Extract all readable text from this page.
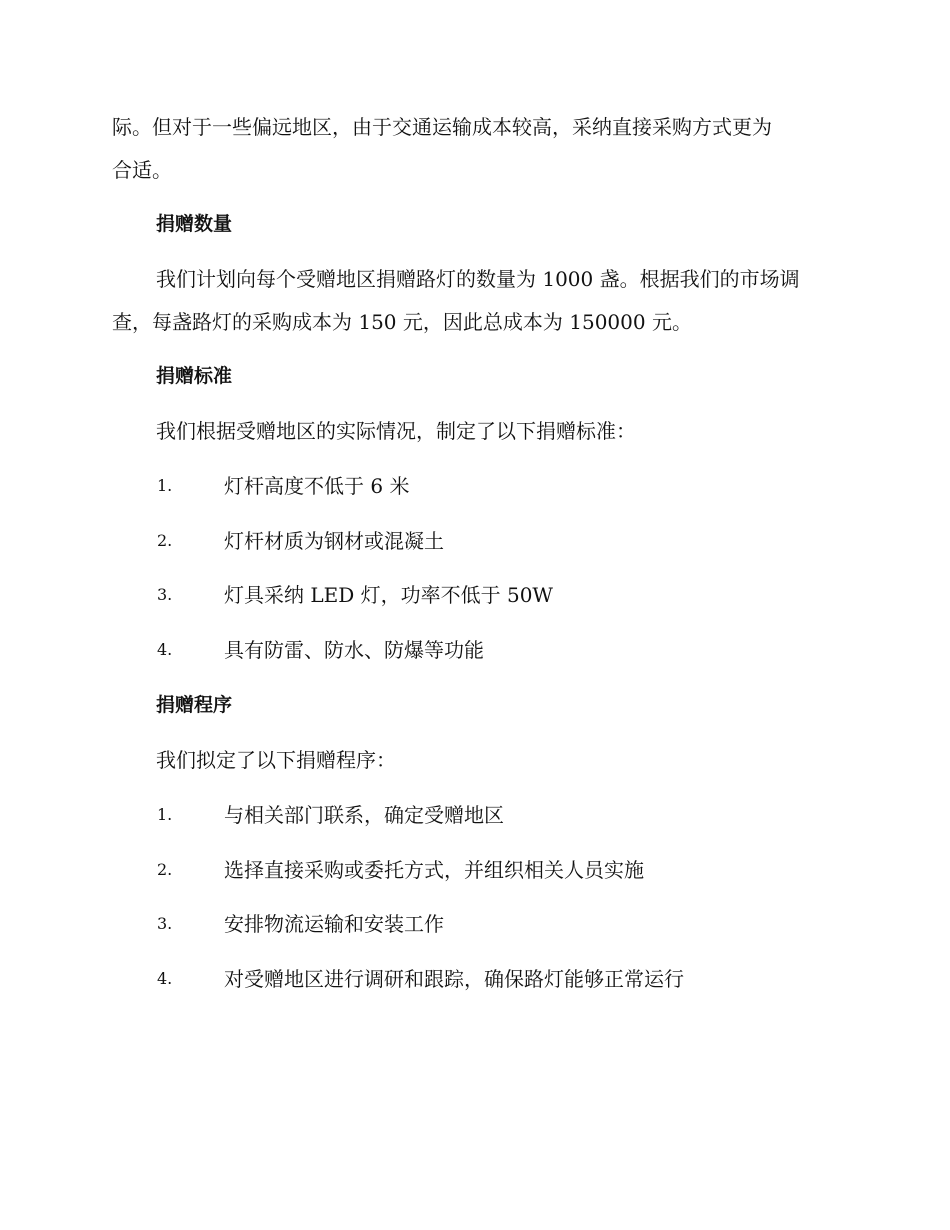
际。但对于一些偏远地区，由于交通运输成本较高，采纳直接采购方式更为
合适。
捐赠数量
我们计划向每个受赠地区捐赠路灯的数量为 1000 盏。根据我们的市场调
查，每盏路灯的采购成本为 150 元，因此总成本为 150000 元。
捐赠标准
我们根据受赠地区的实际情况，制定了以下捐赠标准：
1.	灯杆高度不低于 6 米
2.	灯杆材质为钢材或混凝土
3.	灯具采纳 LED 灯，功率不低于 50W
4.	具有防雷、防水、防爆等功能
捐赠程序
我们拟定了以下捐赠程序：
1.	与相关部门联系，确定受赠地区
2.	选择直接采购或委托方式，并组织相关人员实施
3.	安排物流运输和安装工作
4.	对受赠地区进行调研和跟踪，确保路灯能够正常运行
